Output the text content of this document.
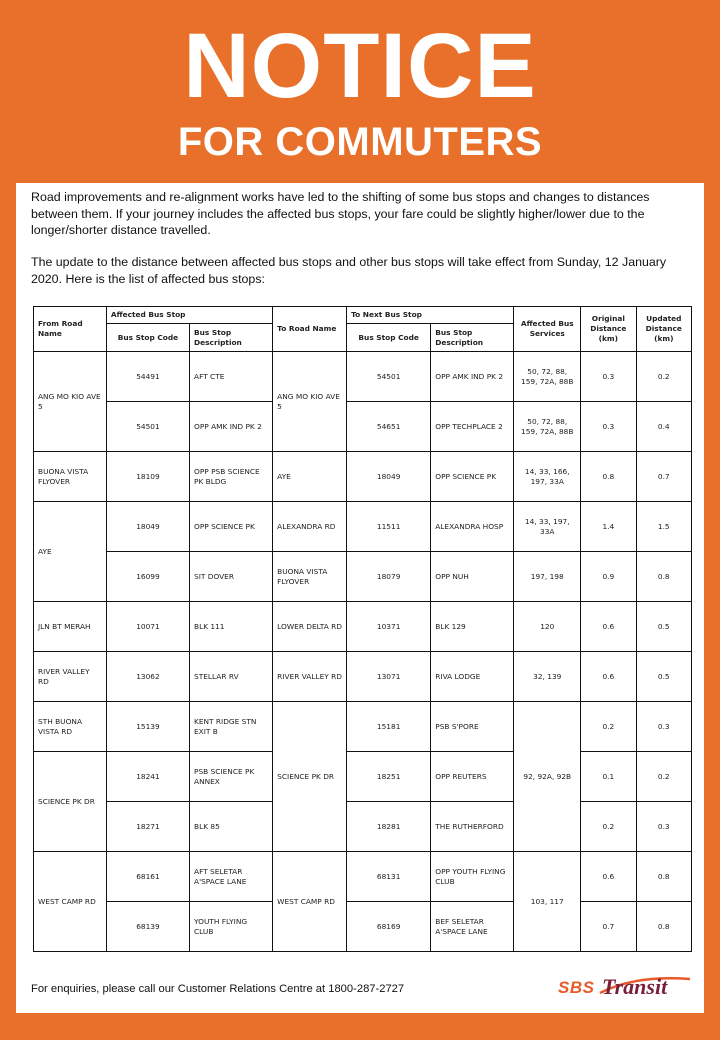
NOTICE
FOR COMMUTERS

Road improvements and re-alignment works have led to the shifting of some bus stops and changes to distances between them. If your journey includes the affected bus stops, your fare could be slightly higher/lower due to the longer/shorter distance travelled.

The update to the distance between affected bus stops and other bus stops will take effect from Sunday, 12 January 2020. Here is the list of affected bus stops:

From Road Name	Affected Bus Stop		To Road Name	To Next Bus Stop		Affected Bus Services	Original Distance (km)	Updated Distance (km)
	Bus Stop Code	Bus Stop Description		Bus Stop Code	Bus Stop Description			
ANG MO KIO AVE 5	54491	AFT CTE	ANG MO KIO AVE 5	54501	OPP AMK IND PK 2	50, 72, 88, 159, 72A, 88B	0.3	0.2
	54501	OPP AMK IND PK 2		54651	OPP TECHPLACE 2	50, 72, 88, 159, 72A, 88B	0.3	0.4
BUONA VISTA FLYOVER	18109	OPP PSB SCIENCE PK BLDG	AYE	18049	OPP SCIENCE PK	14, 33, 166, 197, 33A	0.8	0.7
AYE	18049	OPP SCIENCE PK	ALEXANDRA RD	11511	ALEXANDRA HOSP	14, 33, 197, 33A	1.4	1.5
	16099	SIT DOVER	BUONA VISTA FLYOVER	18079	OPP NUH	197, 198	0.9	0.8
JLN BT MERAH	10071	BLK 111	LOWER DELTA RD	10371	BLK 129	120	0.6	0.5
RIVER VALLEY RD	13062	STELLAR RV	RIVER VALLEY RD	13071	RIVA LODGE	32, 139	0.6	0.5
STH BUONA VISTA RD	15139	KENT RIDGE STN EXIT B	SCIENCE PK DR	15181	PSB S'PORE	92, 92A, 92B	0.2	0.3
SCIENCE PK DR	18241	PSB SCIENCE PK ANNEX		18251	OPP REUTERS		0.1	0.2
	18271	BLK 85		18281	THE RUTHERFORD		0.2	0.3
WEST CAMP RD	68161	AFT SELETAR A'SPACE LANE	WEST CAMP RD	68131	OPP YOUTH FLYING CLUB	103, 117	0.6	0.8
	68139	YOUTH FLYING CLUB		68169	BEF SELETAR A'SPACE LANE		0.7	0.8
For enquiries, please call our Customer Relations Centre at 1800-287-2727	SBS Transit
